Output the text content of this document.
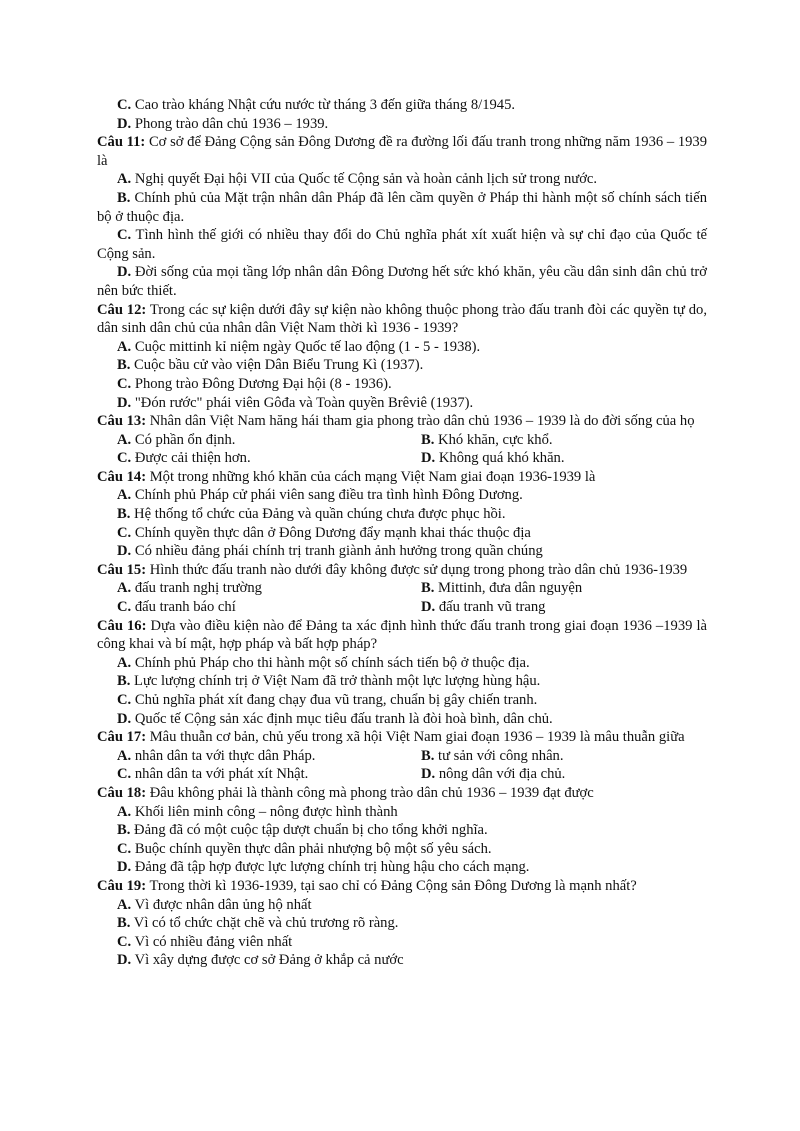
C. Cao trào kháng Nhật cứu nước từ tháng 3 đến giữa tháng 8/1945.
D. Phong trào dân chủ 1936 – 1939.
Câu 11: Cơ sở để Đảng Cộng sản Đông Dương đề ra đường lối đấu tranh trong những năm 1936 – 1939 là
A. Nghị quyết Đại hội VII của Quốc tế Cộng sản và hoàn cảnh lịch sử trong nước.
B. Chính phủ của Mặt trận nhân dân Pháp đã lên cầm quyền ở Pháp thi hành một số chính sách tiến bộ ở thuộc địa.
C. Tình hình thế giới có nhiều thay đổi do Chủ nghĩa phát xít xuất hiện và sự chỉ đạo của Quốc tế Cộng sản.
D. Đời sống của mọi tầng lớp nhân dân Đông Dương hết sức khó khăn, yêu cầu dân sinh dân chủ trở nên bức thiết.
Câu 12: Trong các sự kiện dưới đây sự kiện nào không thuộc phong trào đấu tranh đòi các quyền tự do, dân sinh dân chủ của nhân dân Việt Nam thời kì 1936 - 1939?
A. Cuộc mittinh kỉ niệm ngày Quốc tế lao động (1 - 5 - 1938).
B. Cuộc bầu cử vào viện Dân Biểu Trung Kì (1937).
C. Phong trào Đông Dương Đại hội (8 - 1936).
D. "Đón rước" phái viên Gôđa và Toàn quyền Brêviê (1937).
Câu 13: Nhân dân Việt Nam hăng hái tham gia phong trào dân chủ 1936 – 1939 là do đời sống của họ
A. Có phần ổn định.	B. Khó khăn, cực khổ.
C. Được cải thiện hơn.	D. Không quá khó khăn.
Câu 14: Một trong những khó khăn của cách mạng Việt Nam giai đoạn 1936-1939 là
A. Chính phủ Pháp cử phái viên sang điều tra tình hình Đông Dương.
B. Hệ thống tổ chức của Đảng và quần chúng chưa được phục hồi.
C. Chính quyền thực dân ở Đông Dương đẩy mạnh khai thác thuộc địa
D. Có nhiều đảng phái chính trị tranh giành ảnh hưởng trong quần chúng
Câu 15: Hình thức đấu tranh nào dưới đây không được sử dụng trong phong trào dân chủ 1936-1939
A. đấu tranh nghị trường	B. Mittinh, đưa dân nguyện
C. đấu tranh báo chí	D. đấu tranh vũ trang
Câu 16: Dựa vào điều kiện nào để Đảng ta xác định hình thức đấu tranh trong giai đoạn 1936 –1939 là công khai và bí mật, hợp pháp và bất hợp pháp?
A. Chính phủ Pháp cho thi hành một số chính sách tiến bộ ở thuộc địa.
B. Lực lượng chính trị ở Việt Nam đã trở thành một lực lượng hùng hậu.
C. Chủ nghĩa phát xít đang chạy đua vũ trang, chuẩn bị gây chiến tranh.
D. Quốc tế Cộng sản xác định mục tiêu đấu tranh là đòi hoà bình, dân chủ.
Câu 17: Mâu thuẫn cơ bản, chủ yếu trong xã hội Việt Nam giai đoạn 1936 – 1939 là mâu thuẫn giữa
A. nhân dân ta với thực dân Pháp.	B. tư sản với công nhân.
C. nhân dân ta với phát xít Nhật.	D. nông dân với địa chủ.
Câu 18: Đâu không phải là thành công mà phong trào dân chủ 1936 – 1939 đạt được
A. Khối liên minh công – nông được hình thành
B. Đảng đã có một cuộc tập dượt chuẩn bị cho tổng khởi nghĩa.
C. Buộc chính quyền thực dân phải nhượng bộ một số yêu sách.
D. Đảng đã tập hợp được lực lượng chính trị hùng hậu cho cách mạng.
Câu 19: Trong thời kì 1936-1939, tại sao chỉ có Đảng Cộng sản Đông Dương là mạnh nhất?
A. Vì được nhân dân ủng hộ nhất
B. Vì có tổ chức chặt chẽ và chủ trương rõ ràng.
C. Vì có nhiều đảng viên nhất
D. Vì xây dựng được cơ sở Đảng ở khắp cả nước
